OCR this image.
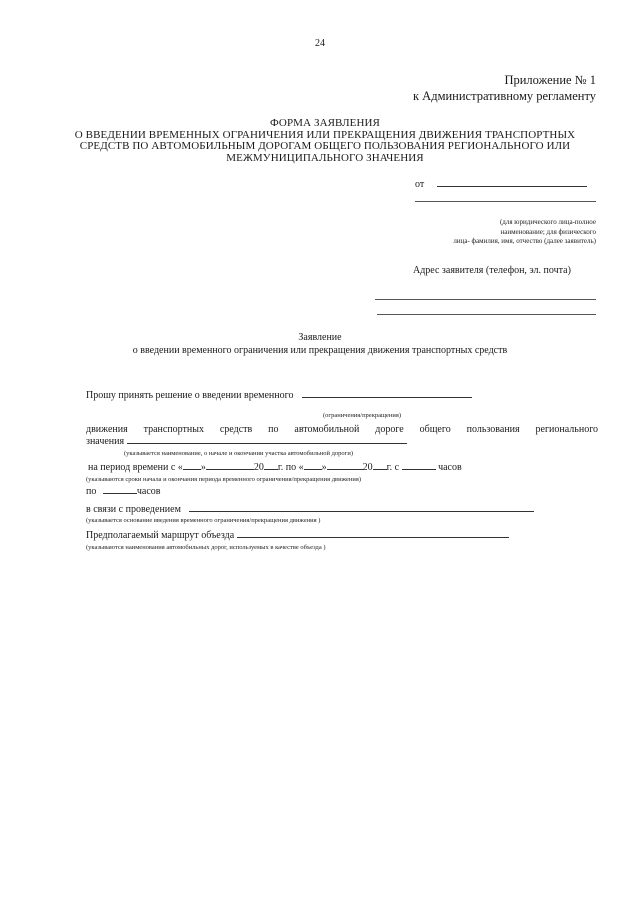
24
Приложение № 1
к Административному регламенту
ФОРМА ЗАЯВЛЕНИЯ
О ВВЕДЕНИИ ВРЕМЕННЫХ ОГРАНИЧЕНИЯ ИЛИ ПРЕКРАЩЕНИЯ ДВИЖЕНИЯ ТРАНСПОРТНЫХ
СРЕДСТВ ПО АВТОМОБИЛЬНЫМ ДОРОГАМ ОБЩЕГО ПОЛЬЗОВАНИЯ РЕГИОНАЛЬНОГО ИЛИ
МЕЖМУНИЦИПАЛЬНОГО ЗНАЧЕНИЯ
от
(для юридического лица-полное
наименование; для физического
лица- фамилия, имя, отчество (далее заявитель)
Адрес заявителя (телефон, эл. почта)
Заявление
о введении временного ограничения или прекращения движения транспортных средств
Прошу принять решение о введении временного
(ограничения/прекращения)
движения транспортных средств по автомобильной дороге общего пользования регионального
значения
(указывается наименование, о начале и окончании участка автомобильной дороги)
на период времени с « »	20 г. по « »	20 г. с	часов
(указываются сроки начала и окончания периода временного ограничения/прекращения движения)
по	часов
в связи с проведением
(указывается основание введения временного ограничения/прекращения движения )
Предполагаемый маршрут объезда
(указываются наименования автомобильных дорог, используемых в качестве объезда )
